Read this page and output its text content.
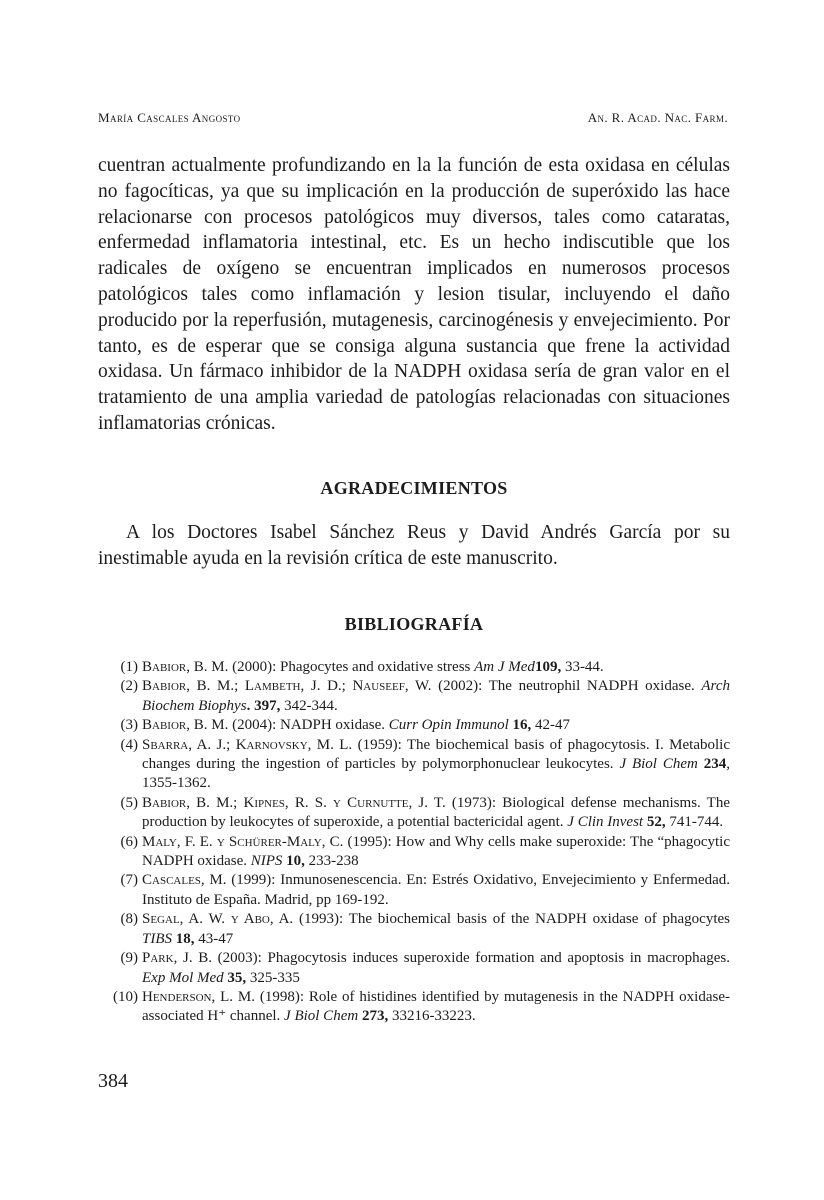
María Cascales Angosto	An. R. Acad. Nac. Farm.

cuentran actualmente profundizando en la la función de esta oxidasa en células no fagocíticas, ya que su implicación en la producción de superóxido las hace relacionarse con procesos patológicos muy diversos, tales como cataratas, enfermedad inflamatoria intestinal, etc. Es un hecho indiscutible que los radicales de oxígeno se encuentran implicados en numerosos procesos patológicos tales como inflamación y lesion tisular, incluyendo el daño producido por la reperfusión, mutagenesis, carcinogénesis y envejecimiento. Por tanto, es de esperar que se consiga alguna sustancia que frene la actividad oxidasa. Un fármaco inhibidor de la NADPH oxidasa sería de gran valor en el tratamiento de una amplia variedad de patologías relacionadas con situaciones inflamatorias crónicas.

AGRADECIMIENTOS

A los Doctores Isabel Sánchez Reus y David Andrés García por su inestimable ayuda en la revisión crítica de este manuscrito.

BIBLIOGRAFÍA
(1) Babior, B. M. (2000): Phagocytes and oxidative stress Am J Med109, 33-44.
(2) Babior, B. M.; Lambeth, J. D.; Nauseef, W. (2002): The neutrophil NADPH oxidase. Arch Biochem Biophys. 397, 342-344.
(3) Babior, B. M. (2004): NADPH oxidase. Curr Opin Immunol 16, 42-47
(4) Sbarra, A. J.; Karnovsky, M. L. (1959): The biochemical basis of phagocytosis. I. Metabolic changes during the ingestion of particles by polymorphonuclear leukocytes. J Biol Chem 234, 1355-1362.
(5) Babior, B. M.; Kipnes, R. S. y Curnutte, J. T. (1973): Biological defense mechanisms. The production by leukocytes of superoxide, a potential bactericidal agent. J Clin Invest 52, 741-744.
(6) Maly, F. E. y Schürer-Maly, C. (1995): How and Why cells make superoxide: The “phagocytic NADPH oxidase. NIPS 10, 233-238
(7) Cascales, M. (1999): Inmunosenescencia. En: Estrés Oxidativo, Envejecimiento y Enfermedad. Instituto de España. Madrid, pp 169-192.
(8) Segal, A. W. y Abo, A. (1993): The biochemical basis of the NADPH oxidase of phagocytes TIBS 18, 43-47
(9) Park, J. B. (2003): Phagocytosis induces superoxide formation and apoptosis in macrophages. Exp Mol Med 35, 325-335
(10) Henderson, L. M. (1998): Role of histidines identified by mutagenesis in the NADPH oxidase-associated H⁺ channel. J Biol Chem 273, 33216-33223.
384
